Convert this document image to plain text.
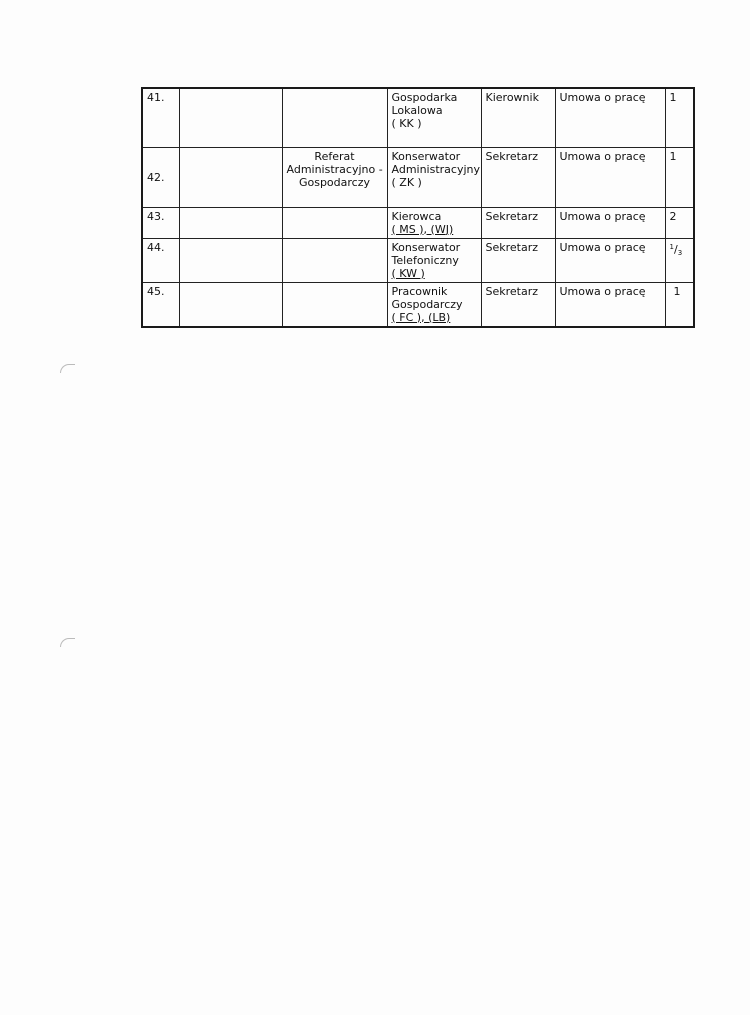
41.			Gospodarka
Lokalowa
( KK )	Kierownik	Umowa o pracę	1
42.		Referat
Administracyjno -
Gospodarczy	Konserwator
Administracyjny
( ZK )	Sekretarz	Umowa o pracę	1
43.			Kierowca
( MS ), (WJ)	Sekretarz	Umowa o pracę	2
44.			Konserwator
Telefoniczny
( KW )	Sekretarz	Umowa o pracę	$^1/_3$
45.			Pracownik
Gospodarczy
( FC ), (LB)	Sekretarz	Umowa o pracę	1
